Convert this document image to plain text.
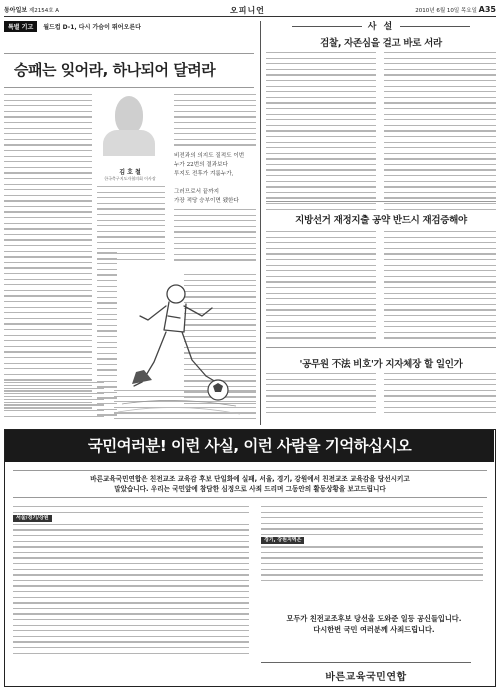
동아일보 제2154호 A	오피니언	2010년 6월 10일 목요일 A35
특별 기고 월드컵 D-1, 다시 가슴이 뛰어오른다
승패는 잊어라, 하나되어 달려라
김 호 철
한국축구지도자협의회 이사장
비전과의 의지도 질적도 이번
누가 22번의 결과보다
투지도 전후가 겨룸누가,
그러므로서 끝까지
가장 적당 승부이면 됐한다
사 설
검찰, 자존심을 걸고 바로 서라
지방선거 재정지출 공약 반드시 재검증해야
'공무원 不法 비호'가 지자체장 할 일인가
국민여러분! 이런 사실, 이런 사람을 기억하십시오
바른교육국민연합은 친전교조 교육감 후보 단일화에 실패, 서울, 경기, 강원에서 친전교조 교육감을 당선시키고
말았습니다. 우리는 국민앞에 참담한 심정으로 사죄 드리며 그동안의 활동상황을 보고드립니다
서울/경기/강원
경기, 강원지역은
모두가 친전교조후보 당선을 도와준 일등 공신들입니다.
다시한번 국민 여러분께 사죄드립니다.
바른교육국민연합
